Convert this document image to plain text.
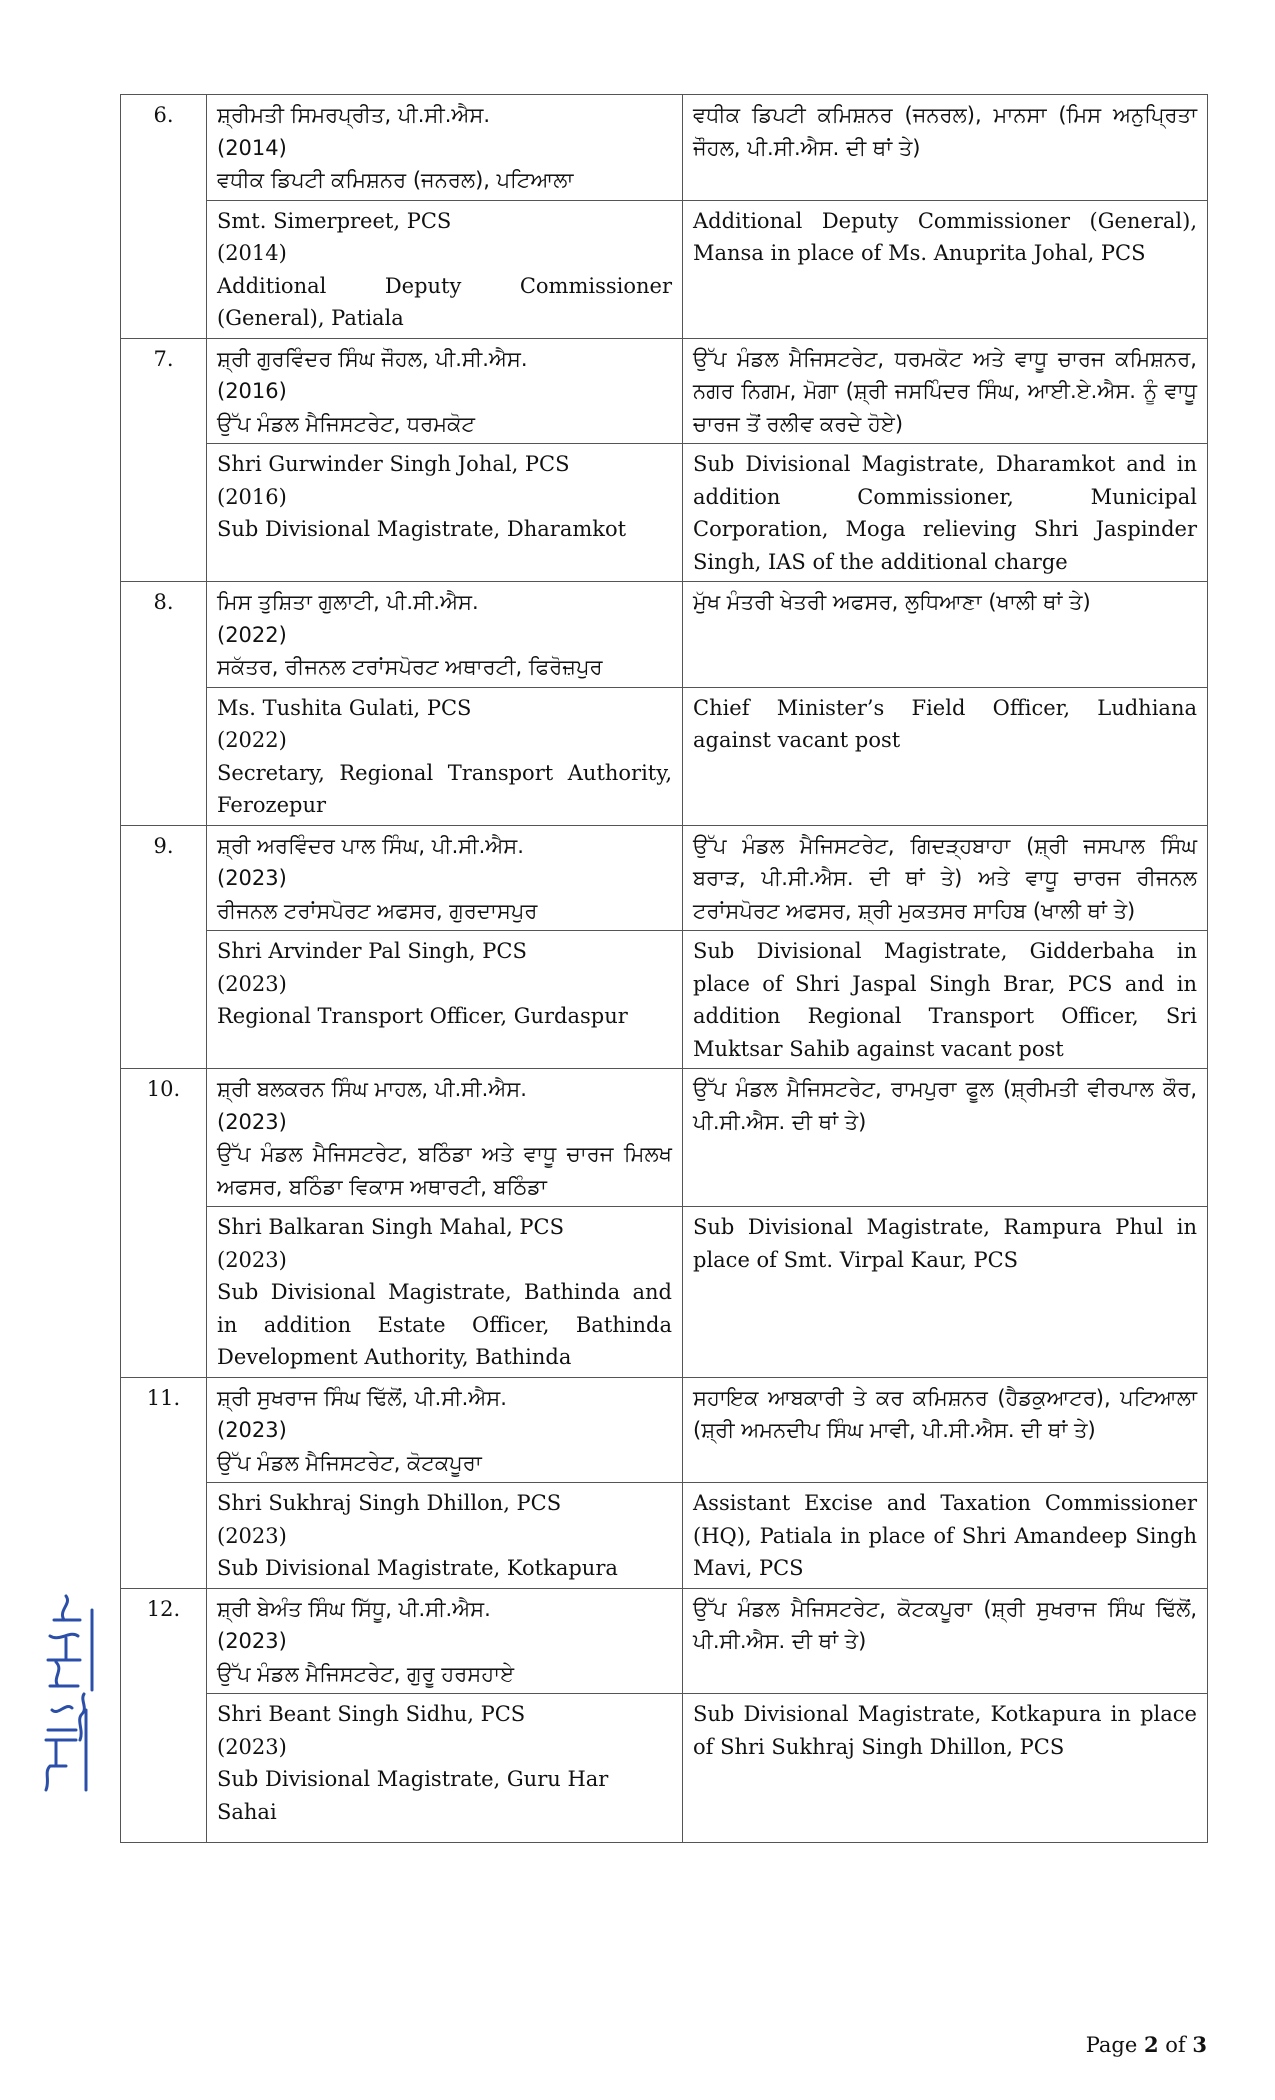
6.	ਸ਼੍ਰੀਮਤੀ ਸਿਮਰਪ੍ਰੀਤ, ਪੀ.ਸੀ.ਐਸ.
(2014)
ਵਧੀਕ ਡਿਪਟੀ ਕਮਿਸ਼ਨਰ (ਜਨਰਲ), ਪਟਿਆਲਾ	ਵਧੀਕ ਡਿਪਟੀ ਕਮਿਸ਼ਨਰ (ਜਨਰਲ), ਮਾਨਸਾ (ਮਿਸ ਅਨੁਪ੍ਰਿਤਾ ਜੌਹਲ, ਪੀ.ਸੀ.ਐਸ. ਦੀ ਥਾਂ ਤੇ)

	Smt. Simerpreet, PCS
(2014)
Additional Deputy Commissioner (General), Patiala	Additional Deputy Commissioner (General), Mansa in place of Ms. Anuprita Johal, PCS
7.	ਸ਼੍ਰੀ ਗੁਰਵਿੰਦਰ ਸਿੰਘ ਜੌਹਲ, ਪੀ.ਸੀ.ਐਸ.
(2016)
ਉੱਪ ਮੰਡਲ ਮੈਜਿਸਟਰੇਟ, ਧਰਮਕੋਟ	ਉੱਪ ਮੰਡਲ ਮੈਜਿਸਟਰੇਟ, ਧਰਮਕੋਟ ਅਤੇ ਵਾਧੂ ਚਾਰਜ ਕਮਿਸ਼ਨਰ, ਨਗਰ ਨਿਗਮ, ਮੋਗਾ (ਸ਼੍ਰੀ ਜਸਪਿੰਦਰ ਸਿੰਘ, ਆਈ.ਏ.ਐਸ. ਨੂੰ ਵਾਧੂ ਚਾਰਜ ਤੋਂ ਰਲੀਵ ਕਰਦੇ ਹੋਏ)

	Shri Gurwinder Singh Johal, PCS
(2016)
Sub Divisional Magistrate, Dharamkot	Sub Divisional Magistrate, Dharamkot and in addition Commissioner, Municipal Corporation, Moga relieving Shri Jaspinder Singh, IAS of the additional charge
8.	ਮਿਸ ਤੁਸ਼ਿਤਾ ਗੁਲਾਟੀ, ਪੀ.ਸੀ.ਐਸ.
(2022)
ਸਕੱਤਰ, ਰੀਜਨਲ ਟਰਾਂਸਪੋਰਟ ਅਥਾਰਟੀ, ਫਿਰੋਜ਼ਪੁਰ	ਮੁੱਖ ਮੰਤਰੀ ਖੇਤਰੀ ਅਫਸਰ, ਲੁਧਿਆਣਾ (ਖਾਲੀ ਥਾਂ ਤੇ)

	Ms. Tushita Gulati, PCS
(2022)
Secretary, Regional Transport Authority, Ferozepur	Chief Minister’s Field Officer, Ludhiana against vacant post
9.	ਸ਼੍ਰੀ ਅਰਵਿੰਦਰ ਪਾਲ ਸਿੰਘ, ਪੀ.ਸੀ.ਐਸ.
(2023)
ਰੀਜਨਲ ਟਰਾਂਸਪੋਰਟ ਅਫਸਰ, ਗੁਰਦਾਸਪੁਰ	ਉੱਪ ਮੰਡਲ ਮੈਜਿਸਟਰੇਟ, ਗਿਦੜ੍ਹਬਾਹਾ (ਸ਼੍ਰੀ ਜਸਪਾਲ ਸਿੰਘ ਬਰਾੜ, ਪੀ.ਸੀ.ਐਸ. ਦੀ ਥਾਂ ਤੇ) ਅਤੇ ਵਾਧੂ ਚਾਰਜ ਰੀਜਨਲ ਟਰਾਂਸਪੋਰਟ ਅਫਸਰ, ਸ਼੍ਰੀ ਮੁਕਤਸਰ ਸਾਹਿਬ (ਖਾਲੀ ਥਾਂ ਤੇ)

	Shri Arvinder Pal Singh, PCS
(2023)
Regional Transport Officer, Gurdaspur	Sub Divisional Magistrate, Gidderbaha in place of Shri Jaspal Singh Brar, PCS and in addition Regional Transport Officer, Sri Muktsar Sahib against vacant post
10.	ਸ਼੍ਰੀ ਬਲਕਰਨ ਸਿੰਘ ਮਾਹਲ, ਪੀ.ਸੀ.ਐਸ.
(2023)
ਉੱਪ ਮੰਡਲ ਮੈਜਿਸਟਰੇਟ, ਬਠਿੰਡਾ ਅਤੇ ਵਾਧੂ ਚਾਰਜ ਮਿਲਖ ਅਫਸਰ, ਬਠਿੰਡਾ ਵਿਕਾਸ ਅਥਾਰਟੀ, ਬਠਿੰਡਾ	ਉੱਪ ਮੰਡਲ ਮੈਜਿਸਟਰੇਟ, ਰਾਮਪੁਰਾ ਫੂਲ (ਸ਼੍ਰੀਮਤੀ ਵੀਰਪਾਲ ਕੌਰ, ਪੀ.ਸੀ.ਐਸ. ਦੀ ਥਾਂ ਤੇ)

	Shri Balkaran Singh Mahal, PCS
(2023)
Sub Divisional Magistrate, Bathinda and in addition Estate Officer, Bathinda Development Authority, Bathinda	Sub Divisional Magistrate, Rampura Phul in place of Smt. Virpal Kaur, PCS
11.	ਸ਼੍ਰੀ ਸੁਖਰਾਜ ਸਿੰਘ ਢਿੱਲੋਂ, ਪੀ.ਸੀ.ਐਸ.
(2023)
ਉੱਪ ਮੰਡਲ ਮੈਜਿਸਟਰੇਟ, ਕੋਟਕਪੂਰਾ	ਸਹਾਇਕ ਆਬਕਾਰੀ ਤੇ ਕਰ ਕਮਿਸ਼ਨਰ (ਹੈਡਕੁਆਟਰ), ਪਟਿਆਲਾ (ਸ਼੍ਰੀ ਅਮਨਦੀਪ ਸਿੰਘ ਮਾਵੀ, ਪੀ.ਸੀ.ਐਸ. ਦੀ ਥਾਂ ਤੇ)

	Shri Sukhraj Singh Dhillon, PCS
(2023)
Sub Divisional Magistrate, Kotkapura	Assistant Excise and Taxation Commissioner (HQ), Patiala in place of Shri Amandeep Singh Mavi, PCS
12.	ਸ਼੍ਰੀ ਬੇਅੰਤ ਸਿੰਘ ਸਿੱਧੂ, ਪੀ.ਸੀ.ਐਸ.
(2023)
ਉੱਪ ਮੰਡਲ ਮੈਜਿਸਟਰੇਟ, ਗੁਰੂ ਹਰਸਹਾਏ	ਉੱਪ ਮੰਡਲ ਮੈਜਿਸਟਰੇਟ, ਕੋਟਕਪੂਰਾ (ਸ਼੍ਰੀ ਸੁਖਰਾਜ ਸਿੰਘ ਢਿੱਲੋਂ, ਪੀ.ਸੀ.ਐਸ. ਦੀ ਥਾਂ ਤੇ)

	Shri Beant Singh Sidhu, PCS
(2023)
Sub Divisional Magistrate, Guru Har Sahai	Sub Divisional Magistrate, Kotkapura in place of Shri Sukhraj Singh Dhillon, PCS
Page 2 of 3
